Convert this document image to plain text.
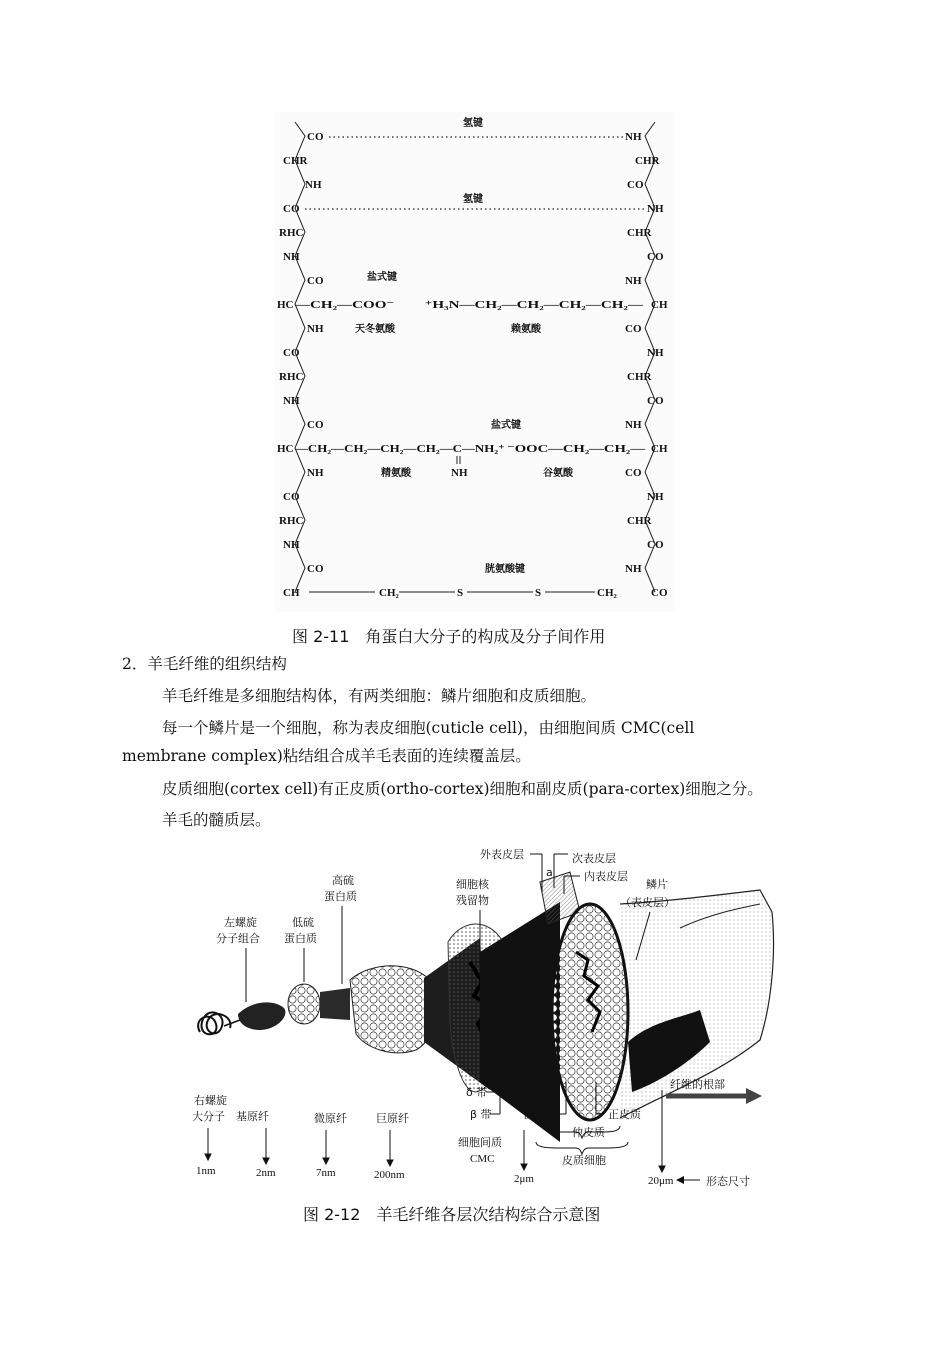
CO
CHR
NH
CO
RHC
NH
CO
HC
NH
CO
RHC
NH
CO
HC
NH
CO
RHC
NH
CO
CH
NH
CHR
CO
NH
CHR
CO
NH
CH
CO
NH
CHR
CO
NH
CH
CO
NH
CHR
CO
NH
CO
氢键
氢键
盐式键
—CH₂—COO⁻　　⁺H₃N—CH₂—CH₂—CH₂—CH₂—
天冬氨酸	赖氨酸
盐式键
—CH₂—CH₂—CH₂—CH₂—C—NH₂⁺ ⁻OOC—CH₂—CH₂—
NH
精氨酸	谷氨酸
胱氨酸键
CH₂	S	S	CH₂
图 2-11　角蛋白大分子的构成及分子间作用
2．羊毛纤维的组织结构
羊毛纤维是多细胞结构体，有两类细胞：鳞片细胞和皮质细胞。
每一个鳞片是一个细胞，称为表皮细胞(cuticle cell)，由细胞间质 CMC(cell
membrane complex)粘结组合成羊毛表面的连续覆盖层。
皮质细胞(cortex cell)有正皮质(ortho-cortex)细胞和副皮质(para-cortex)细胞之分。
羊毛的髓质层。
外表皮层	次表皮层
a	内表皮层
鳞片
（表皮层）
高硫
蛋白质
细胞核
残留物
左螺旋
分子组合
低硫
蛋白质
右螺旋
大分子 基原纤	微原纤	巨原纤
δ 带
β 带
细胞间质
CMC
副皮质	正皮质
仲皮质
皮质细胞
纤维的根部
1nm	2nm	7nm	200nm	2μm	20μm	形态尺寸
图 2-12　羊毛纤维各层次结构综合示意图
